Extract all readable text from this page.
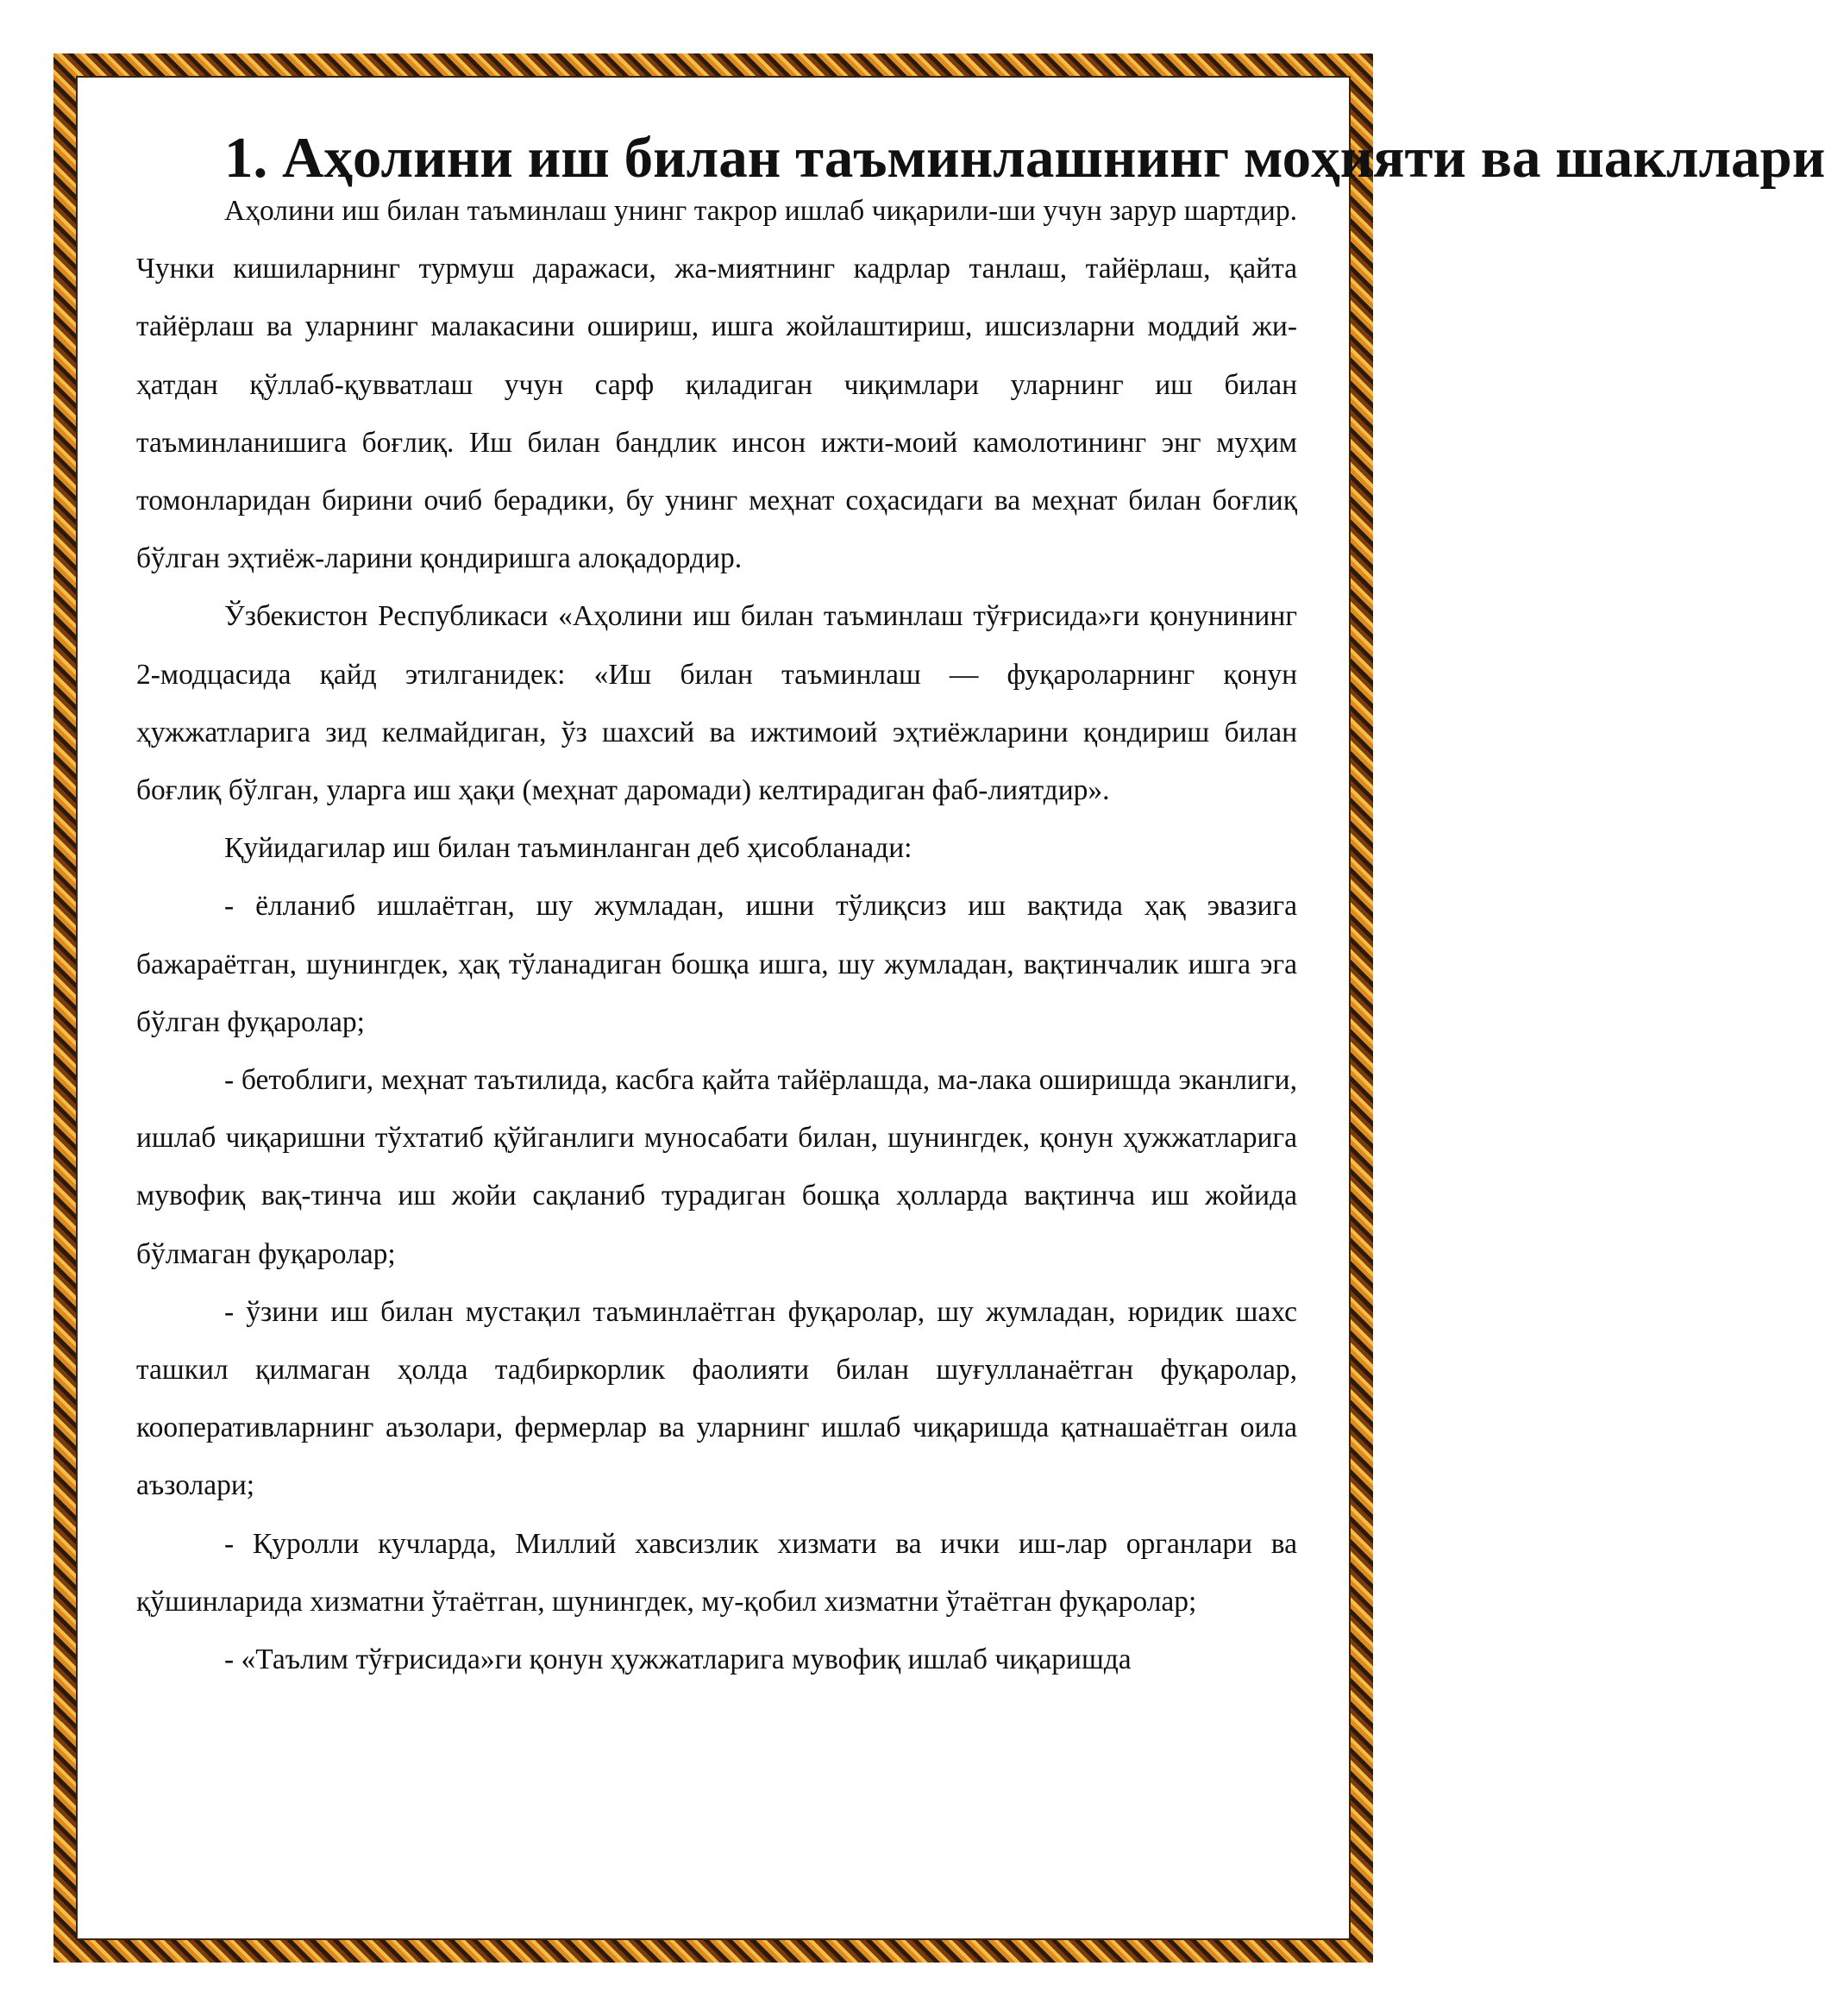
1. Аҳолини иш билан таъминлашнинг моҳияти ва шакллари

Аҳолини иш билан таъминлаш унинг такрор ишлаб чиқарили-ши учун зарур шартдир. Чунки кишиларнинг турмуш даражаси, жа-миятнинг кадрлар танлаш, тайёрлаш, қайта тайёрлаш ва уларнинг малакасини ошириш, ишга жойлаштириш, ишсизларни моддий жи-ҳатдан қўллаб-қувватлаш учун сарф қиладиган чиқимлари уларнинг иш билан таъминланишига боғлиқ. Иш билан бандлик инсон ижти-моий камолотининг энг муҳим томонларидан бирини очиб берадики, бу унинг меҳнат соҳасидаги ва меҳнат билан боғлиқ бўлган эҳтиёж-ларини қондиришга алоқадордир.

Ўзбекистон Республикаси «Аҳолини иш билан таъминлаш тўғрисида»ги қонунининг 2-модцасида қайд этилганидек: «Иш билан таъминлаш — фуқароларнинг қонун ҳужжатларига зид келмайдиган, ўз шахсий ва ижтимоий эҳтиёжларини қондириш билан боғлиқ бўлган, уларга иш ҳақи (меҳнат даромади) келтирадиган фаб-лиятдир».

Қуйидагилар иш билан таъминланган деб ҳисобланади:

- ёлланиб ишлаётган, шу жумладан, ишни тўлиқсиз иш вақтида ҳақ эвазига бажараётган, шунингдек, ҳақ тўланадиган бошқа ишга, шу жумладан, вақтинчалик ишга эга бўлган фуқаролар;

- бетоблиги, меҳнат таътилида, касбга қайта тайёрлашда, ма-лака оширишда эканлиги, ишлаб чиқаришни тўхтатиб қўйганлиги муносабати билан, шунингдек, қонун ҳужжатларига мувофиқ вақ-тинча иш жойи сақланиб турадиган бошқа ҳолларда вақтинча иш жойида бўлмаган фуқаролар;

- ўзини иш билан мустақил таъминлаётган фуқаролар, шу жумладан, юридик шахс ташкил қилмаган ҳолда тадбиркорлик фаолияти билан шуғулланаётган фуқаролар, кооперативларнинг аъзолари, фермерлар ва уларнинг ишлаб чиқаришда қатнашаётган оила аъзолари;

- Қуролли кучларда, Миллий хавсизлик хизмати ва ички иш-лар органлари ва қўшинларида хизматни ўтаётган, шунингдек, му-қобил хизматни ўтаётган фуқаролар;

- «Таълим тўғрисида»ги қонун ҳужжатларига мувофиқ ишлаб чиқаришда
